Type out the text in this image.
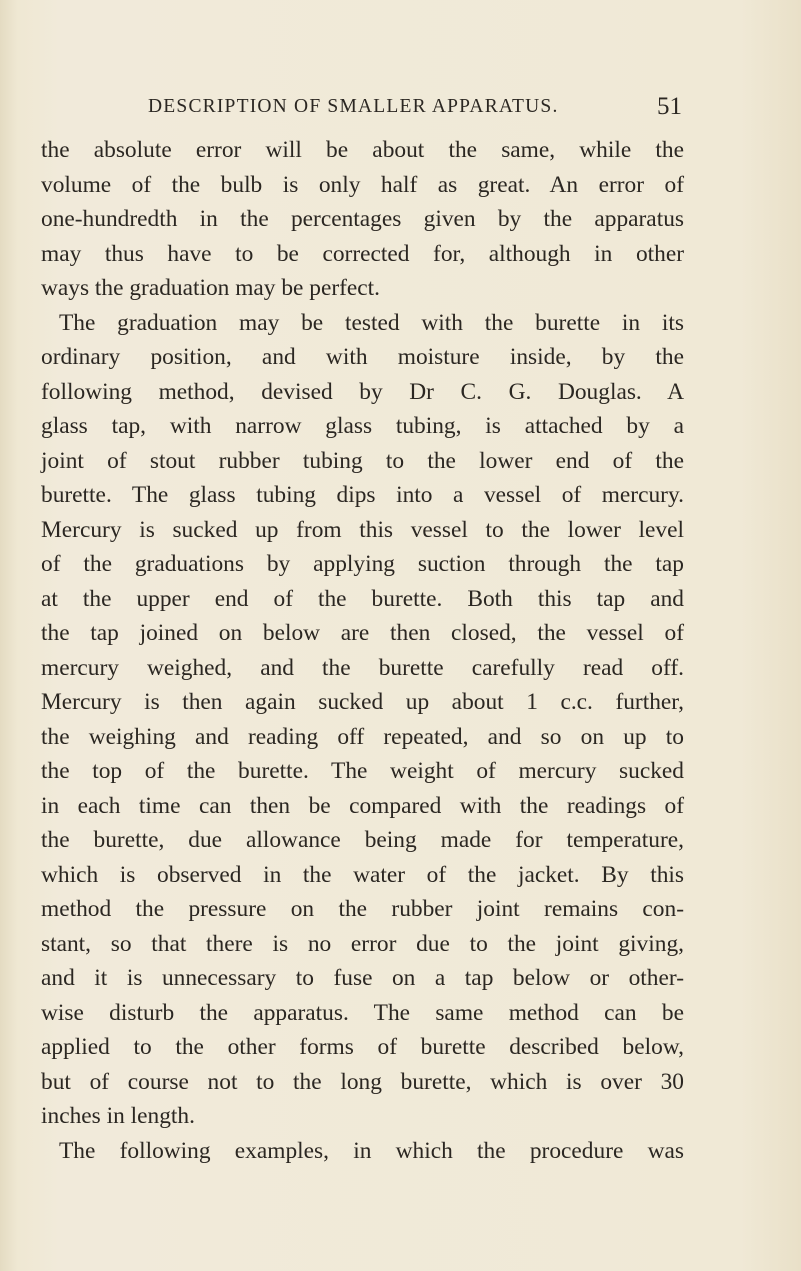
DESCRIPTION OF SMALLER APPARATUS.	51
the absolute error will be about the same, while the
volume of the bulb is only half as great. An error of
one-hundredth in the percentages given by the apparatus
may thus have to be corrected for, although in other
ways the graduation may be perfect.
The graduation may be tested with the burette in its
ordinary position, and with moisture inside, by the
following method, devised by Dr C. G. Douglas. A
glass tap, with narrow glass tubing, is attached by a
joint of stout rubber tubing to the lower end of the
burette. The glass tubing dips into a vessel of mercury.
Mercury is sucked up from this vessel to the lower level
of the graduations by applying suction through the tap
at the upper end of the burette. Both this tap and
the tap joined on below are then closed, the vessel of
mercury weighed, and the burette carefully read off.
Mercury is then again sucked up about 1 c.c. further,
the weighing and reading off repeated, and so on up to
the top of the burette. The weight of mercury sucked
in each time can then be compared with the readings of
the burette, due allowance being made for temperature,
which is observed in the water of the jacket. By this
method the pressure on the rubber joint remains con-
stant, so that there is no error due to the joint giving,
and it is unnecessary to fuse on a tap below or other-
wise disturb the apparatus. The same method can be
applied to the other forms of burette described below,
but of course not to the long burette, which is over 30
inches in length.
The following examples, in which the procedure was
